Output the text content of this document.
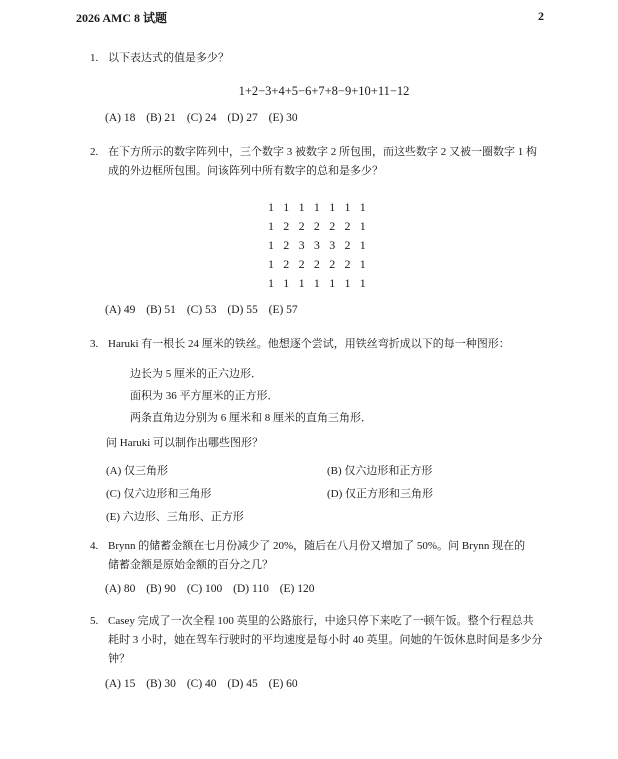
2026 AMC 8 试题	2
1. 以下表达式的值是多少？
1+2−3+4+5−6+7+8−9+10+11−12
(A) 18 (B) 21 (C) 24 (D) 27 (E) 30
2. 在下方所示的数字阵列中，三个数字 3 被数字 2 所包围，而这些数字 2 又被一圈数字 1 构
成的外边框所包围。问该阵列中所有数字的总和是多少？
1 1 1 1 1 1 1
1 2 2 2 2 2 1
1 2 3 3 3 2 1
1 2 2 2 2 2 1
1 1 1 1 1 1 1
(A) 49 (B) 51 (C) 53 (D) 55 (E) 57
3. Haruki 有一根长 24 厘米的铁丝。他想逐个尝试，用铁丝弯折成以下的每一种图形：
边长为 5 厘米的正六边形．
面积为 36 平方厘米的正方形．
两条直角边分别为 6 厘米和 8 厘米的直角三角形．
问 Haruki 可以制作出哪些图形？
(A) 仅三角形	(B) 仅六边形和正方形
(C) 仅六边形和三角形	(D) 仅正方形和三角形
(E) 六边形、三角形、正方形
4. Brynn 的储蓄金额在七月份减少了 20%，随后在八月份又增加了 50%。问 Brynn 现在的
储蓄金额是原始金额的百分之几？
(A) 80 (B) 90 (C) 100 (D) 110 (E) 120
5. Casey 完成了一次全程 100 英里的公路旅行，中途只停下来吃了一顿午饭。整个行程总共
耗时 3 小时，她在驾车行驶时的平均速度是每小时 40 英里。问她的午饭休息时间是多少分
钟？
(A) 15 (B) 30 (C) 40 (D) 45 (E) 60
